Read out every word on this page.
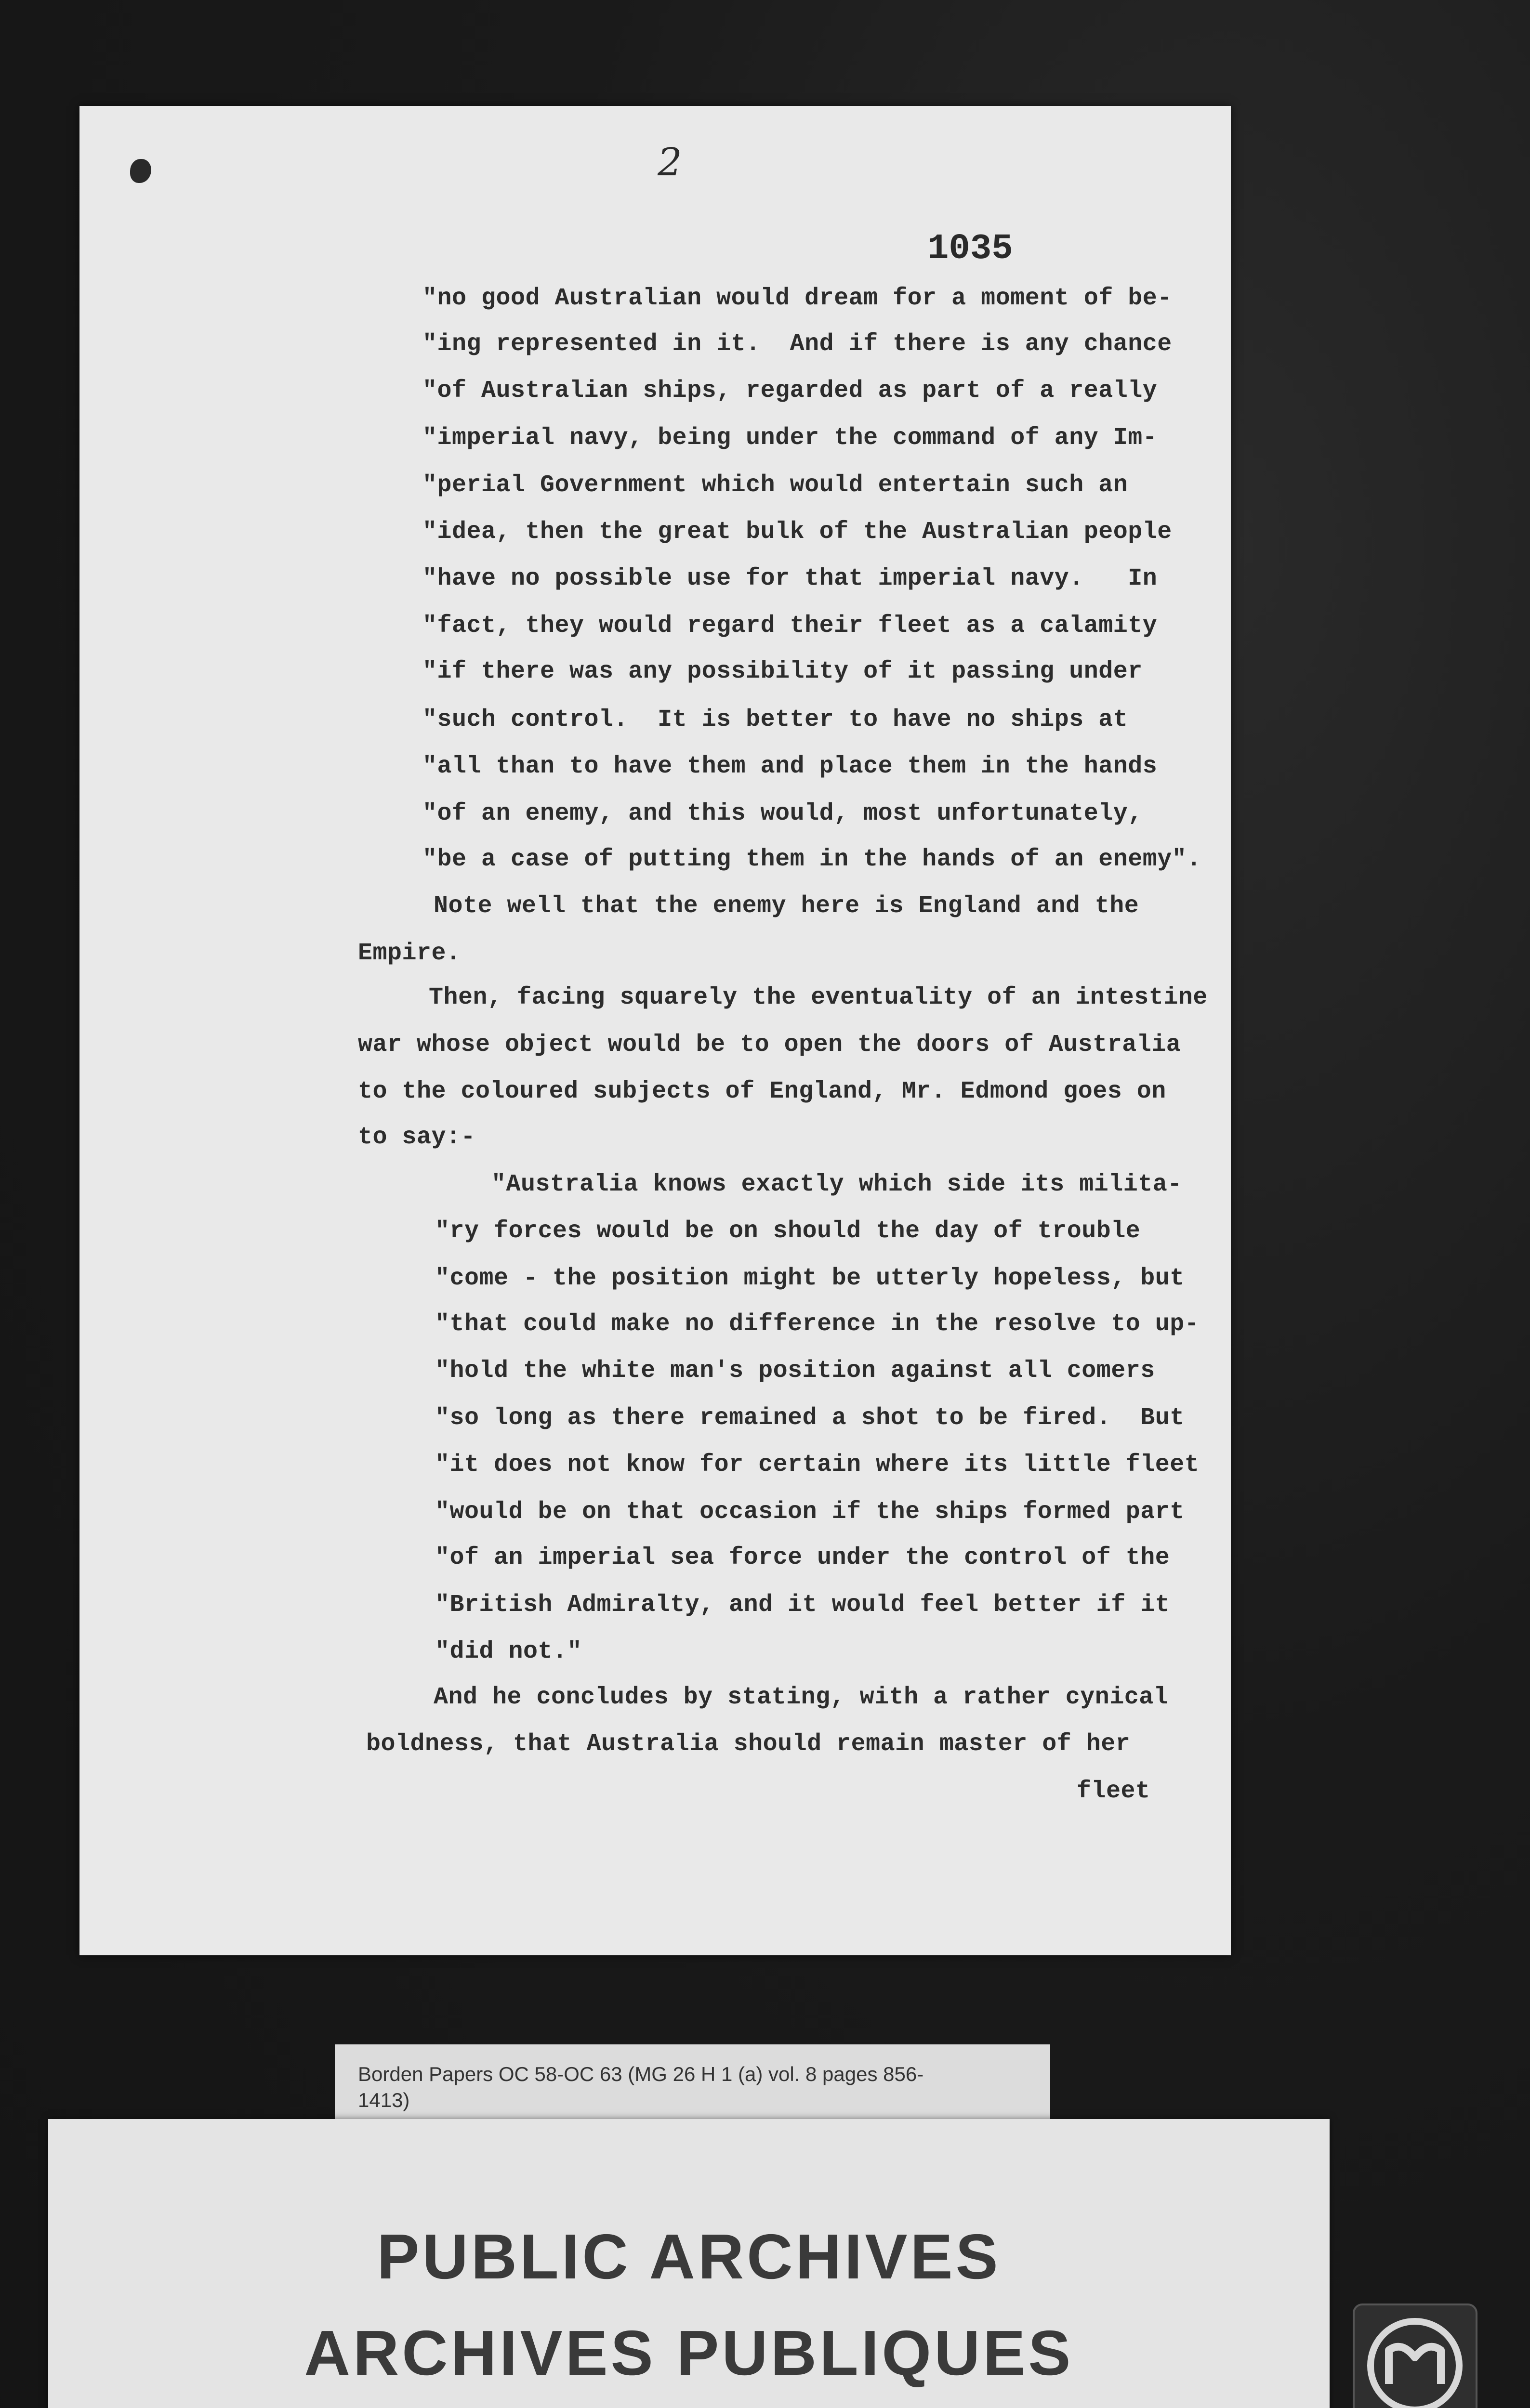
2
1035
"no good Australian would dream for a moment of be-
"ing represented in it.  And if there is any chance
"of Australian ships, regarded as part of a really
"imperial navy, being under the command of any Im-
"perial Government which would entertain such an
"idea, then the great bulk of the Australian people
"have no possible use for that imperial navy.   In
"fact, they would regard their fleet as a calamity
"if there was any possibility of it passing under
"such control.  It is better to have no ships at
"all than to have them and place them in the hands
"of an enemy, and this would, most unfortunately,
"be a case of putting them in the hands of an enemy".
Note well that the enemy here is England and the
Empire.
Then, facing squarely the eventuality of an intestine
war whose object would be to open the doors of Australia
to the coloured subjects of England, Mr. Edmond goes on
to say:-
"Australia knows exactly which side its milita-
"ry forces would be on should the day of trouble
"come - the position might be utterly hopeless, but
"that could make no difference in the resolve to up-
"hold the white man's position against all comers
"so long as there remained a shot to be fired.  But
"it does not know for certain where its little fleet
"would be on that occasion if the ships formed part
"of an imperial sea force under the control of the
"British Admiralty, and it would feel better if it
"did not."
And he concludes by stating, with a rather cynical
boldness, that Australia should remain master of her
fleet
Borden Papers OC 58-OC 63 (MG 26 H 1 (a) vol. 8 pages 856-
1413)
PUBLIC ARCHIVES
ARCHIVES PUBLIQUES
